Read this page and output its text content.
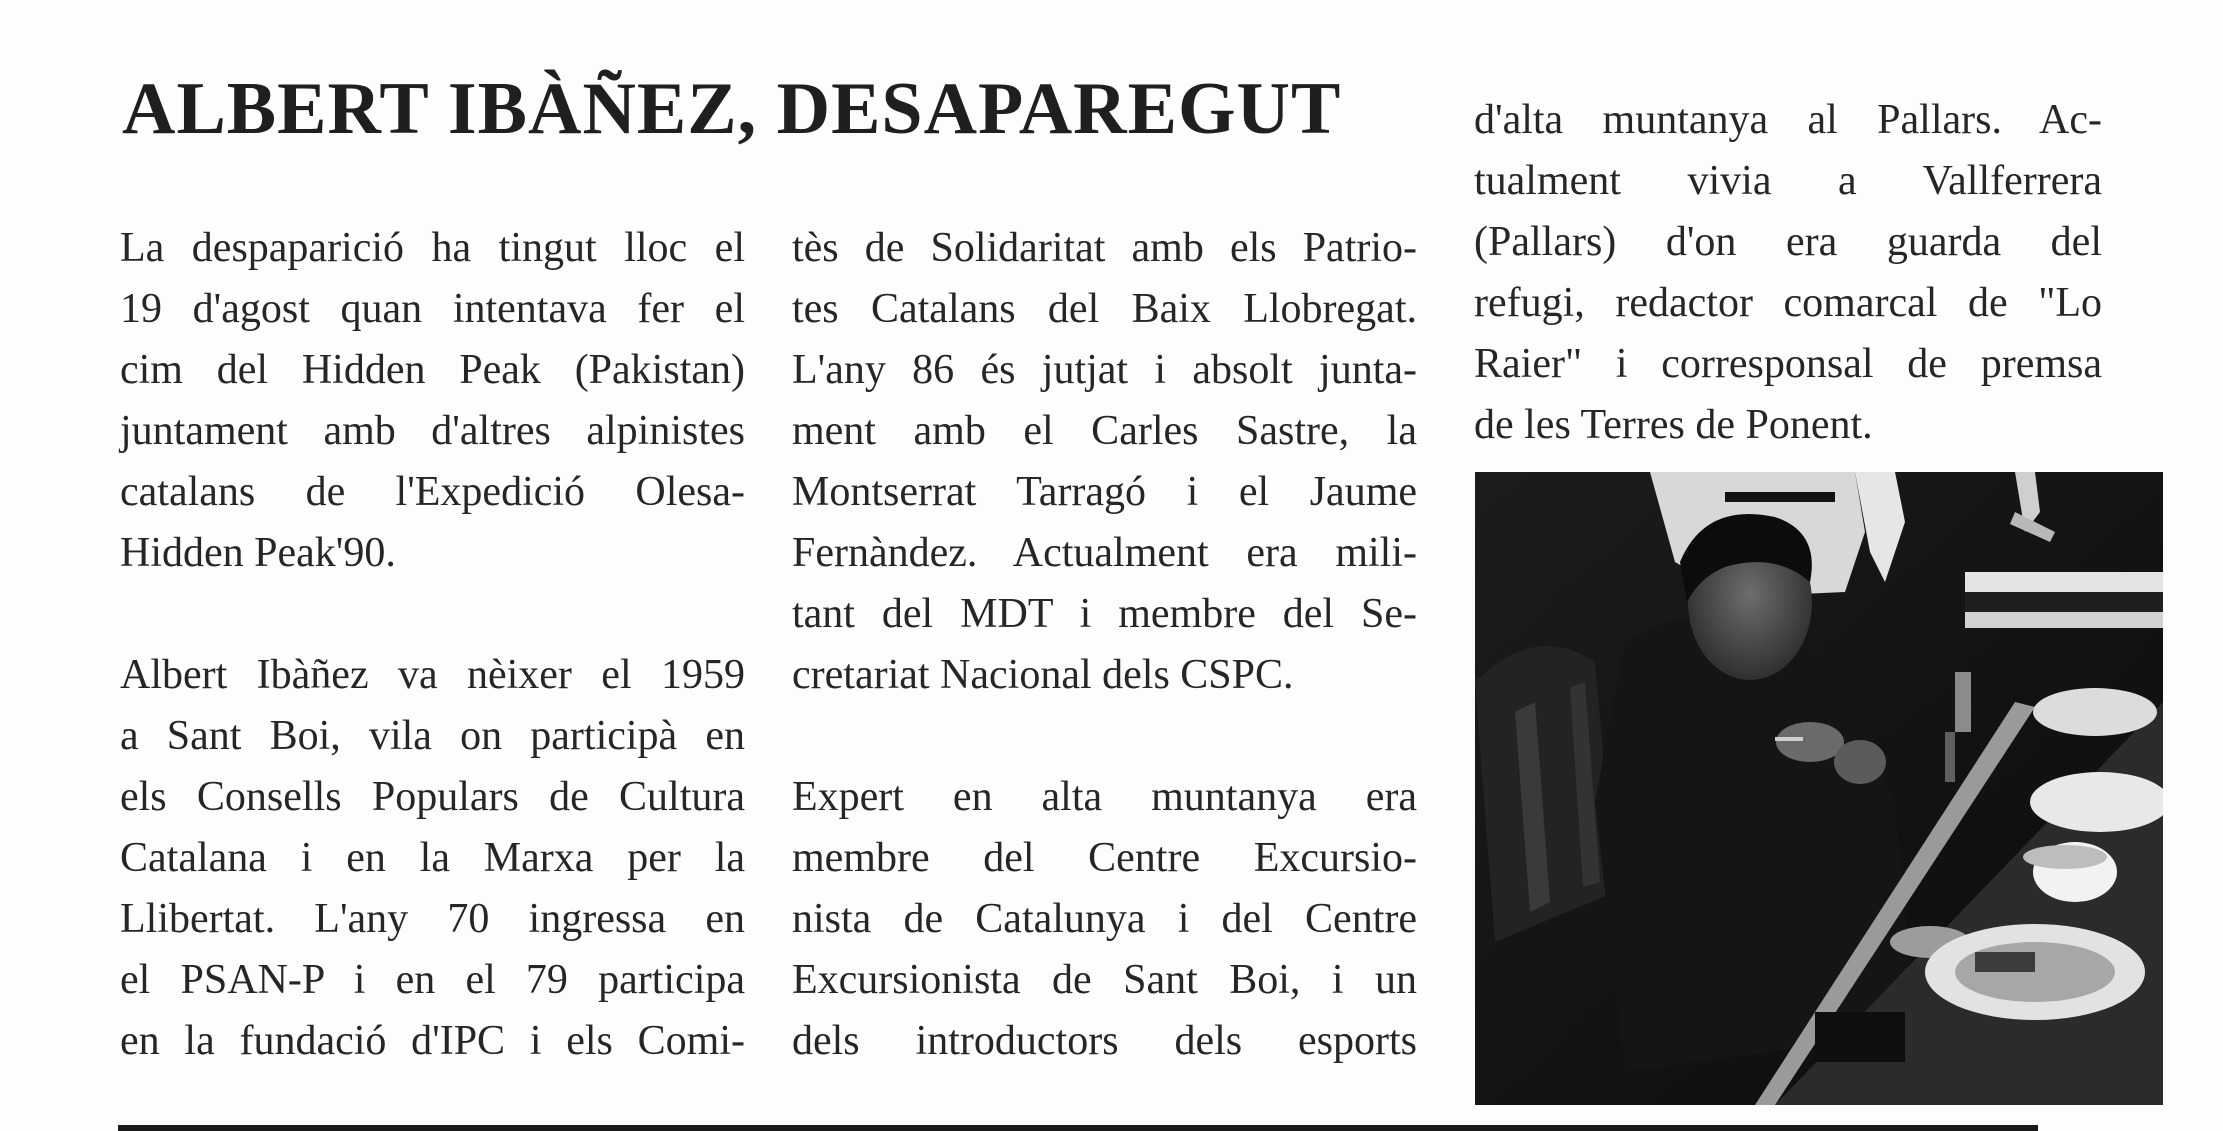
ALBERT IBÀÑEZ, DESAPAREGUT

La despaparició ha tingut lloc el
19 d'agost quan intentava fer el
cim del Hidden Peak (Pakistan)
juntament amb d'altres alpinistes
catalans de l'Expedició Olesa-
Hidden Peak'90.

Albert Ibàñez va nèixer el 1959
a Sant Boi, vila on participà en
els Consells Populars de Cultura
Catalana i en la Marxa per la
Llibertat. L'any 70 ingressa en
el PSAN-P i en el 79 participa
en la fundació d'IPC i els Comi-

tès de Solidaritat amb els Patrio-
tes Catalans del Baix Llobregat.
L'any 86 és jutjat i absolt junta-
ment amb el Carles Sastre, la
Montserrat Tarragó i el Jaume
Fernàndez. Actualment era mili-
tant del MDT i membre del Se-
cretariat Nacional dels CSPC.

Expert en alta muntanya era
membre del Centre Excursio-
nista de Catalunya i del Centre
Excursionista de Sant Boi, i un
dels introductors dels esports

d'alta muntanya al Pallars. Ac-
tualment vivia a Vallferrera
(Pallars) d'on era guarda del
refugi, redactor comarcal de "Lo
Raier" i corresponsal de premsa
de les Terres de Ponent.
